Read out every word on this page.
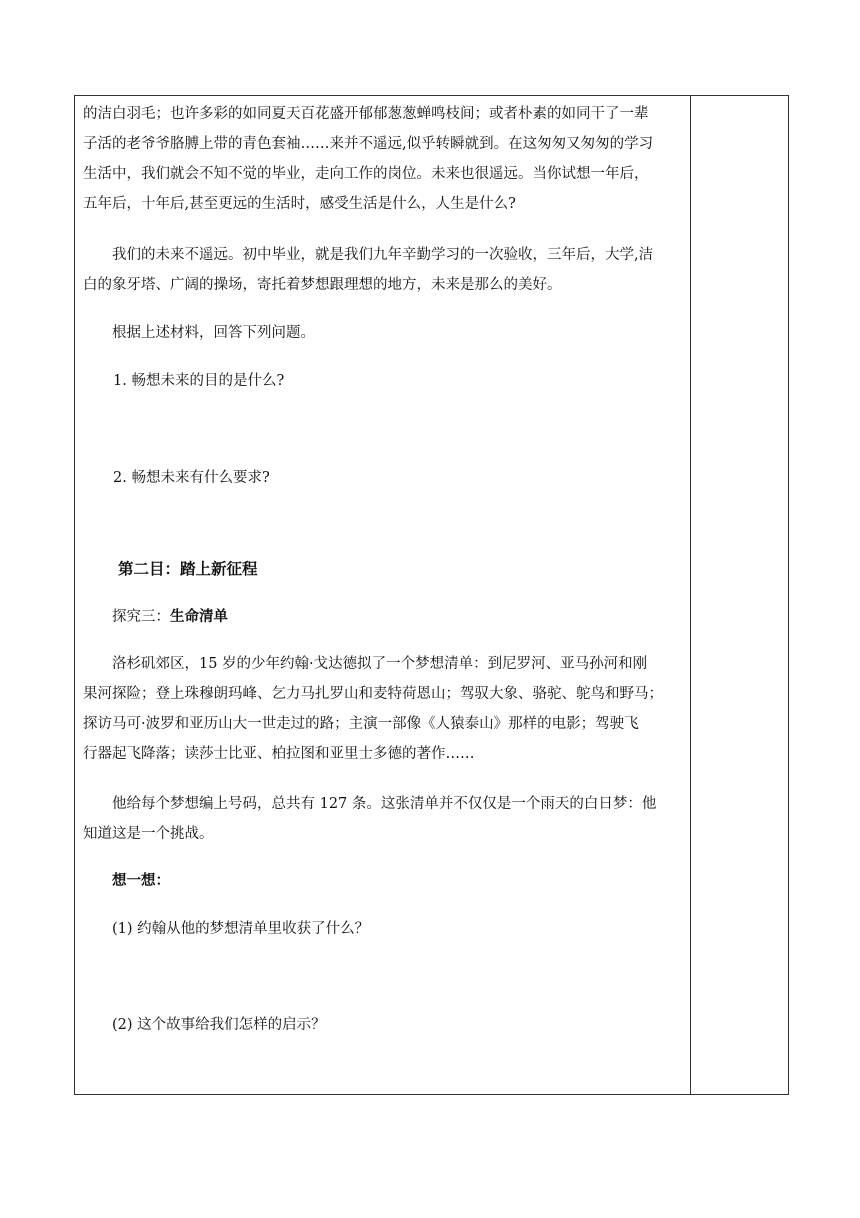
的洁白羽毛；也许多彩的如同夏天百花盛开郁郁葱葱蝉鸣枝间；或者朴素的如同干了一辈
子活的老爷爷胳膊上带的青色套袖……来并不遥远,似乎转瞬就到。在这匆匆又匆匆的学习
生活中，我们就会不知不觉的毕业，走向工作的岗位。未来也很遥远。当你试想一年后，
五年后，十年后,甚至更远的生活时，感受生活是什么，人生是什么?

我们的未来不遥远。初中毕业，就是我们九年辛勤学习的一次验收，三年后，大学,洁
白的象牙塔、广阔的操场，寄托着梦想跟理想的地方，未来是那么的美好。

根据上述材料，回答下列问题。

1. 畅想未来的目的是什么?

2. 畅想未来有什么要求?

第二目：踏上新征程

探究三：生命清单

洛杉矶郊区，15 岁的少年约翰·戈达德拟了一个梦想清单：到尼罗河、亚马孙河和刚
果河探险；登上珠穆朗玛峰、乞力马扎罗山和麦特荷恩山；驾驭大象、骆驼、鸵鸟和野马；
探访马可·波罗和亚历山大一世走过的路；主演一部像《人猿泰山》那样的电影；驾驶飞
行器起飞降落；读莎士比亚、柏拉图和亚里士多德的著作……

他给每个梦想编上号码，总共有 127 条。这张清单并不仅仅是一个雨天的白日梦：他
知道这是一个挑战。

想一想：

(1) 约翰从他的梦想清单里收获了什么？

(2) 这个故事给我们怎样的启示？
